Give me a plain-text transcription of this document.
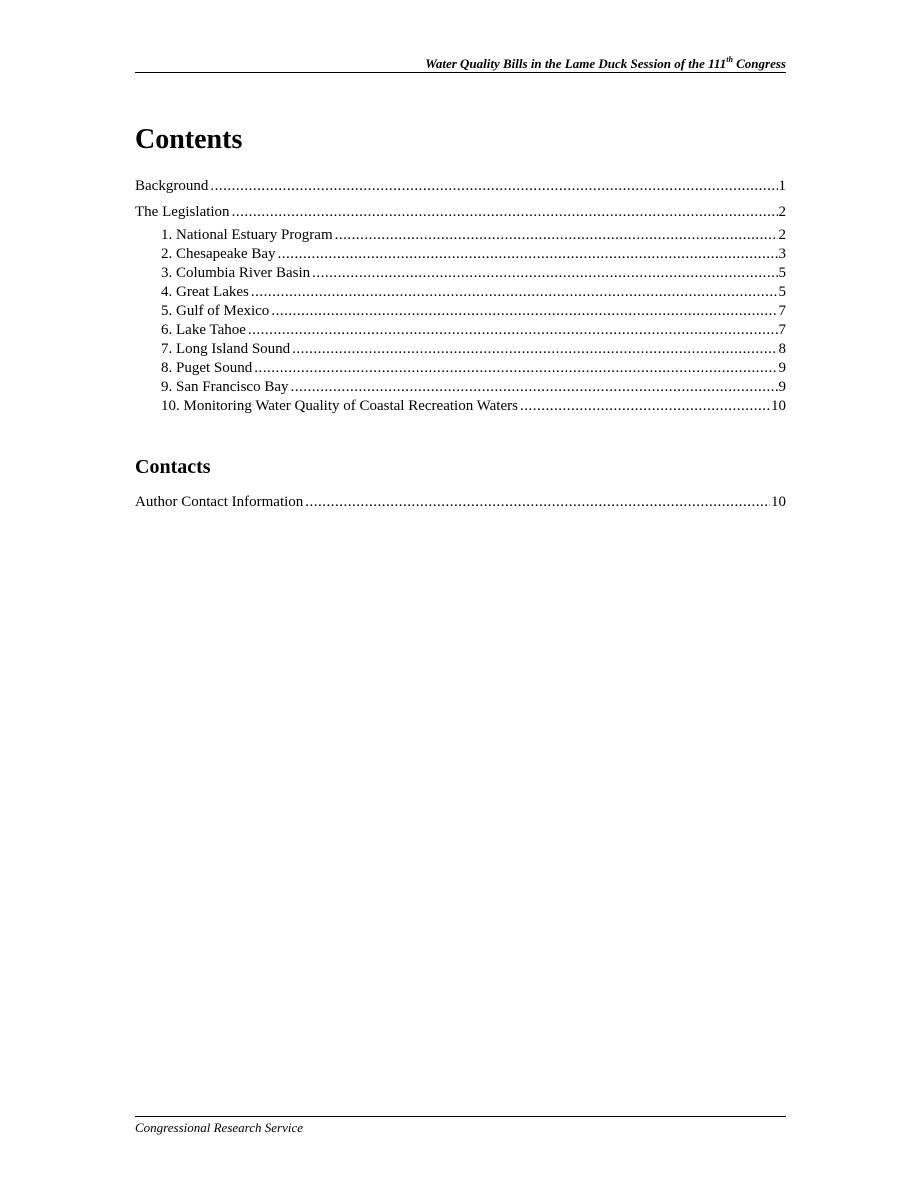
Water Quality Bills in the Lame Duck Session of the 111th Congress
Contents
Background .....	1
The Legislation .....	2
1. National Estuary Program .....	2
2. Chesapeake Bay .....	3
3. Columbia River Basin .....	5
4. Great Lakes .....	5
5. Gulf of Mexico .....	7
6. Lake Tahoe .....	7
7. Long Island Sound .....	8
8. Puget Sound .....	9
9. San Francisco Bay .....	9
10. Monitoring Water Quality of Coastal Recreation Waters .....	10
Contacts
Author Contact Information .....	10
Congressional Research Service
